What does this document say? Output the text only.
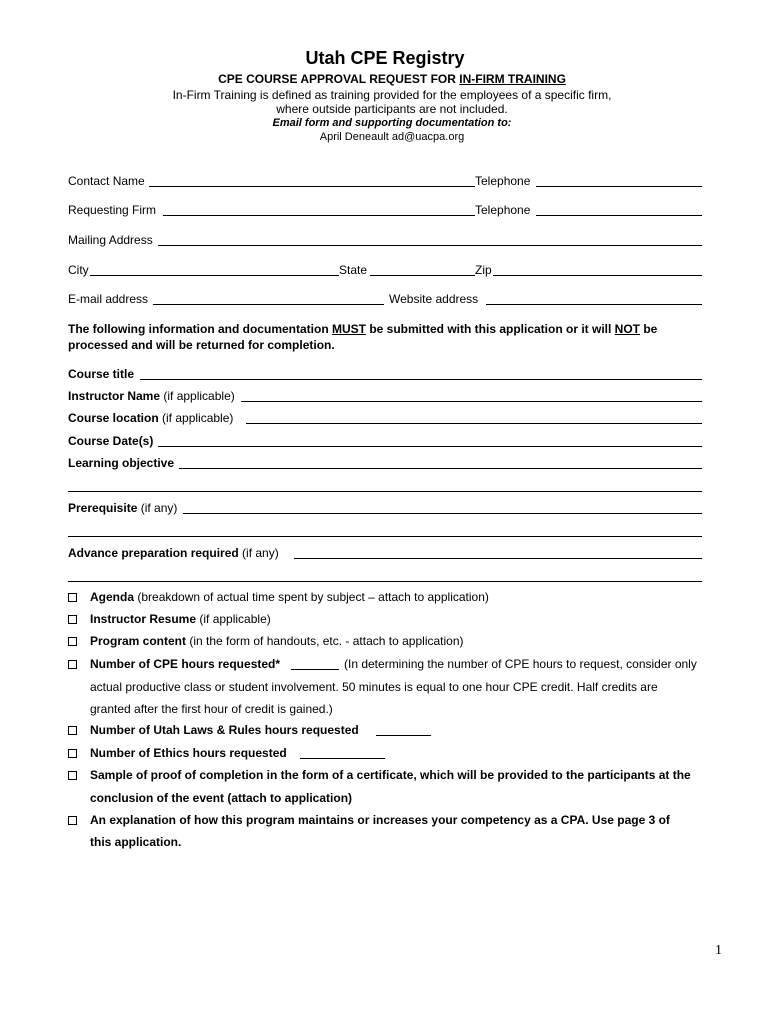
Utah CPE Registry
CPE COURSE APPROVAL REQUEST FOR IN-FIRM TRAINING
In-Firm Training is defined as training provided for the employees of a specific firm,
where outside participants are not included.
Email form and supporting documentation to:
April Deneault ad@uacpa.org
Contact Name	Telephone
Requesting Firm	Telephone
Mailing Address
City	State	Zip
E-mail address	Website address
The following information and documentation MUST be submitted with this application or it will NOT be processed and will be returned for completion.
Course title
Instructor Name (if applicable)
Course location (if applicable)
Course Date(s)
Learning objective
Prerequisite (if any)
Advance preparation required (if any)
Agenda (breakdown of actual time spent by subject – attach to application)
Instructor Resume (if applicable)
Program content (in the form of handouts, etc. - attach to application)
Number of CPE hours requested*	(In determining the number of CPE hours to request, consider only
actual productive class or student involvement. 50 minutes is equal to one hour CPE credit. Half credits are
granted after the first hour of credit is gained.)
Number of Utah Laws & Rules hours requested
Number of Ethics hours requested
Sample of proof of completion in the form of a certificate, which will be provided to the participants at the
conclusion of the event (attach to application)
An explanation of how this program maintains or increases your competency as a CPA. Use page 3 of
this application.
1
